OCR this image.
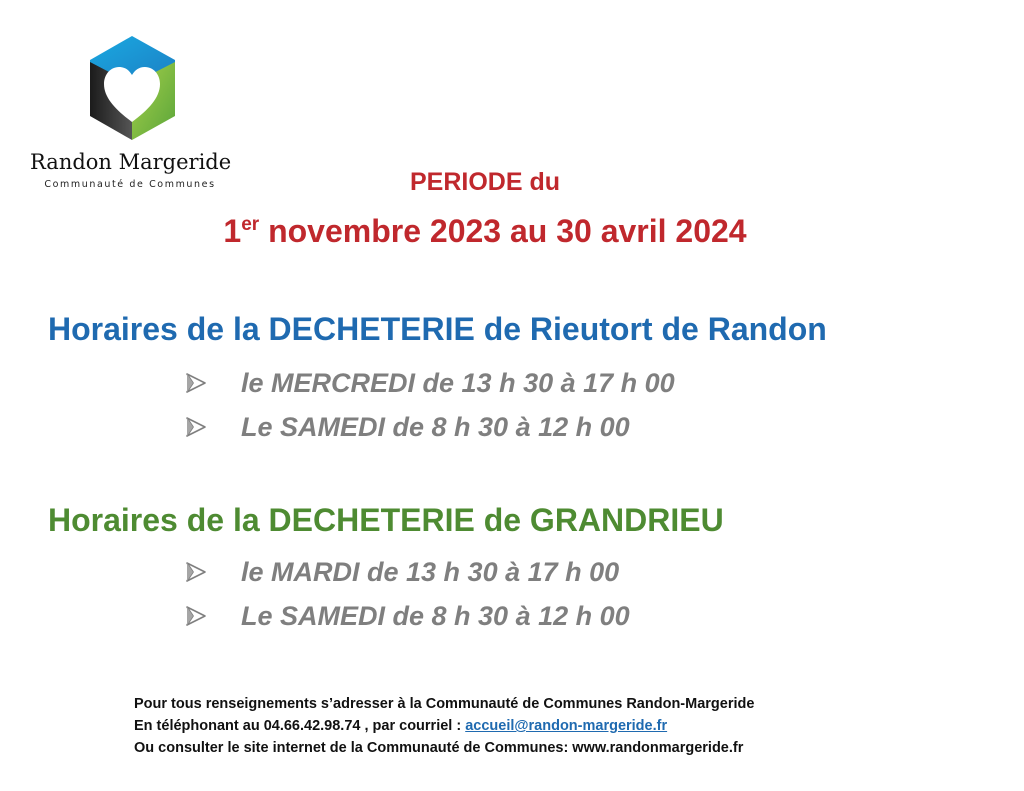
Randon Margeride
Communauté de Communes	PERIODE du
1er novembre 2023 au 30 avril 2024
Horaires de la DECHETERIE de Rieutort de Randon
le MERCREDI de 13 h 30 à 17 h 00
Le SAMEDI de 8 h 30 à 12 h 00
Horaires de la DECHETERIE de GRANDRIEU
le MARDI de 13 h 30 à 17 h 00
Le SAMEDI de 8 h 30 à 12 h 00
Pour tous renseignements s’adresser à la Communauté de Communes Randon-Margeride
En téléphonant au 04.66.42.98.74 , par courriel : accueil@randon-margeride.fr
Ou consulter le site internet de la Communauté de Communes: www.randonmargeride.fr
